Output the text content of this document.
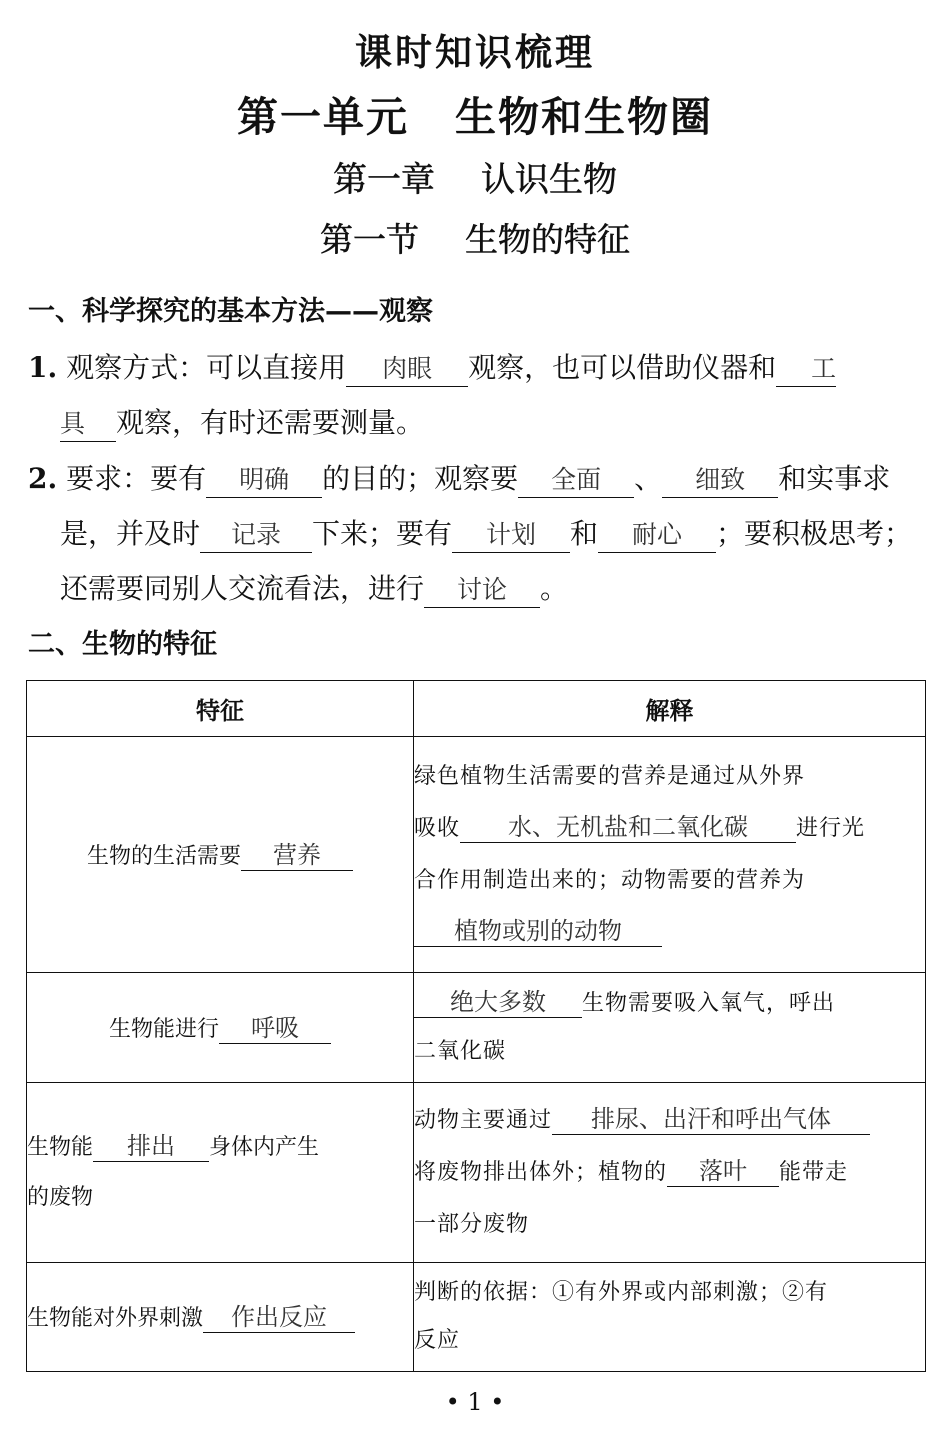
课时知识梳理
第一单元 生物和生物圈
第一章 认识生物
第一节 生物的特征
一、科学探究的基本方法——观察
1. 观察方式：可以直接用 肉眼 观察，也可以借助仪器和 工
具 观察，有时还需要测量。
2. 要求：要有 明确 的目的；观察要 全面 、 细致 和实事求
是，并及时 记录 下来；要有 计划 和 耐心 ；要积极思考；
还需要同别人交流看法，进行 讨论 。
二、生物的特征
特征	解释
生物的生活需要 营养	绿色植物生活需要的营养是通过从外界
吸收 水、无机盐和二氧化碳 进行光
合作用制造出来的；动物需要的营养为
植物或别的动物
生物能进行 呼吸	绝大多数 生物需要吸入氧气，呼出
二氧化碳
生物能 排出 身体内产生
的废物	动物主要通过 排尿、出汗和呼出气体
将废物排出体外；植物的 落叶 能带走
一部分废物
生物能对外界刺激 作出反应	判断的依据：①有外界或内部刺激；②有
反应
• 1 •
